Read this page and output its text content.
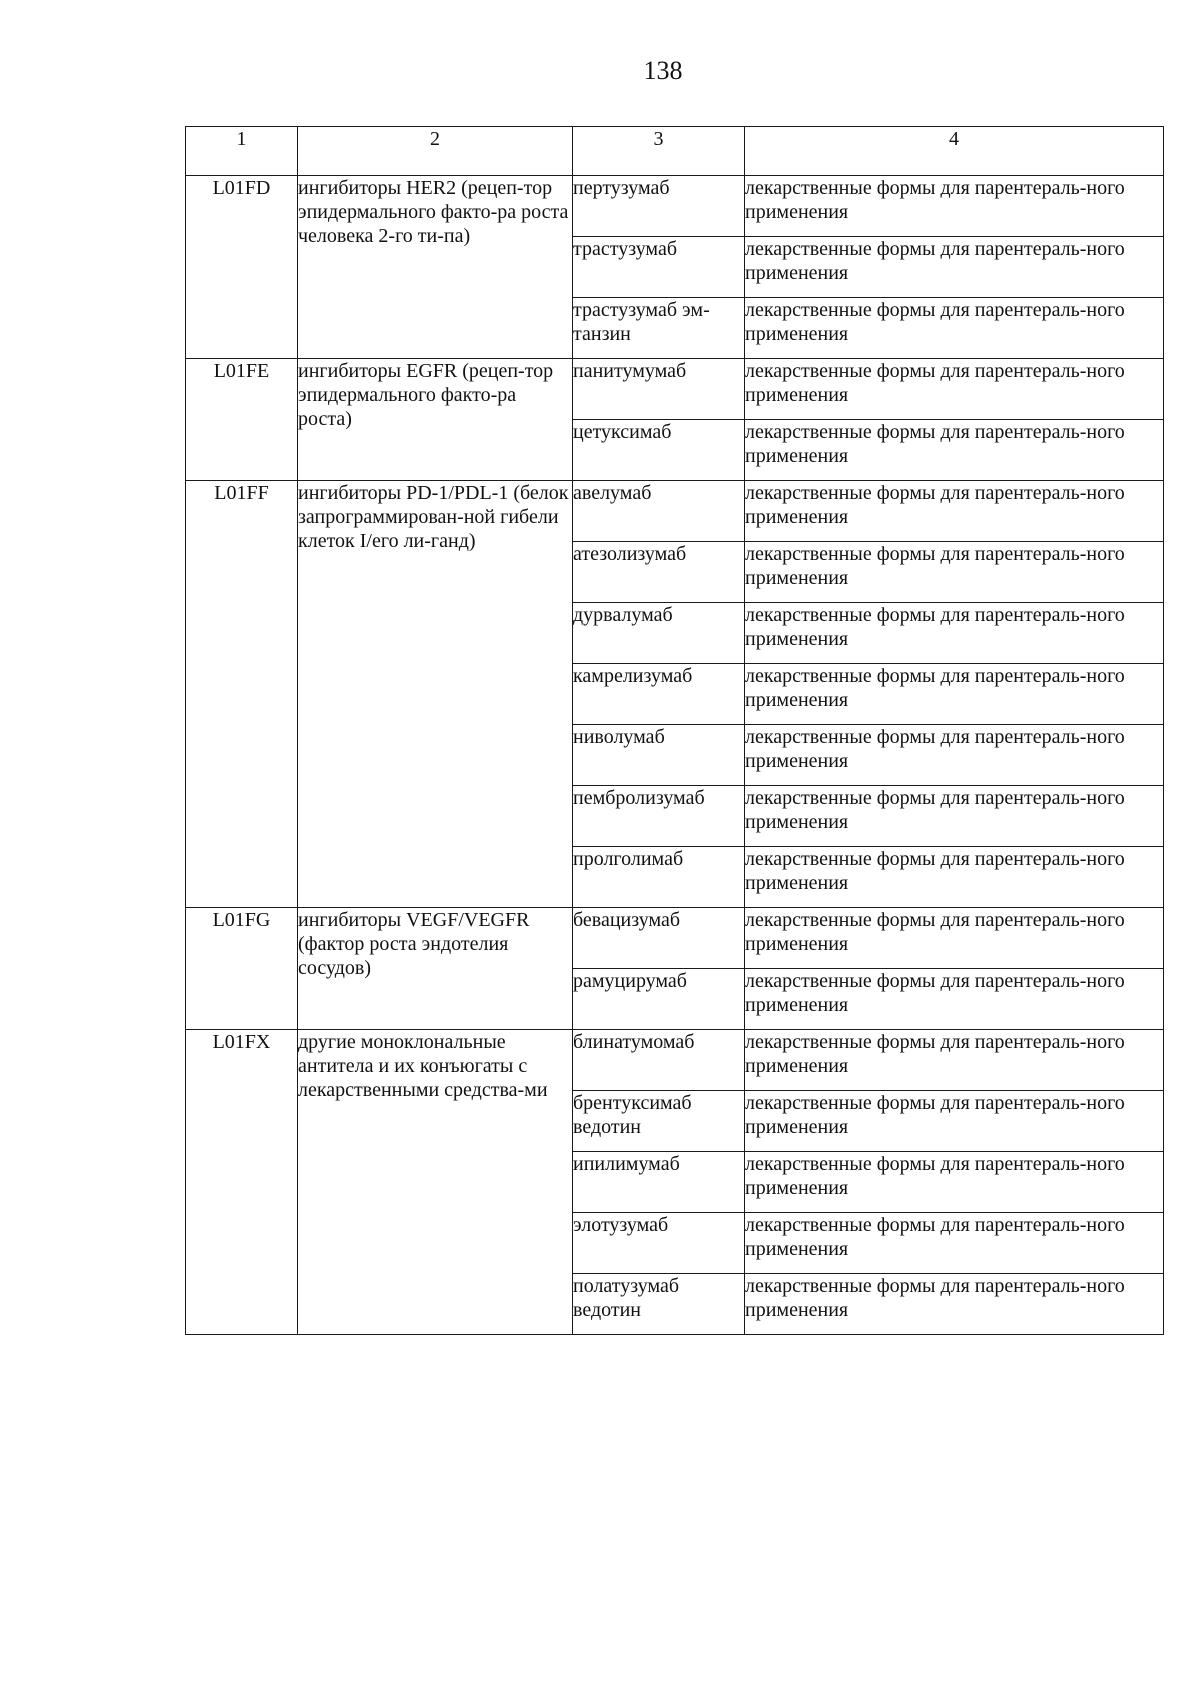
138
1	2	3	4
L01FD	ингибиторы HER2 (рецеп-тор эпидермального факто-ра роста человека 2-го ти-па)	пертузумаб	лекарственные формы для парентераль-ного применения
		трастузумаб	лекарственные формы для парентераль-ного применения
		трастузумаб эм-танзин	лекарственные формы для парентераль-ного применения
L01FE	ингибиторы EGFR (рецеп-тор эпидермального факто-ра роста)	панитумумаб	лекарственные формы для парентераль-ного применения
		цетуксимаб	лекарственные формы для парентераль-ного применения
L01FF	ингибиторы PD-1/PDL-1 (белок запрограммирован-ной гибели клеток I/его ли-ганд)	авелумаб	лекарственные формы для парентераль-ного применения
		атезолизумаб	лекарственные формы для парентераль-ного применения
		дурвалумаб	лекарственные формы для парентераль-ного применения
		камрелизумаб	лекарственные формы для парентераль-ного применения
		ниволумаб	лекарственные формы для парентераль-ного применения
		пембролизумаб	лекарственные формы для парентераль-ного применения
		пролголимаб	лекарственные формы для парентераль-ного применения
L01FG	ингибиторы VEGF/VEGFR (фактор роста эндотелия сосудов)	бевацизумаб	лекарственные формы для парентераль-ного применения
		рамуцирумаб	лекарственные формы для парентераль-ного применения
L01FX	другие моноклональные антитела и их конъюгаты с лекарственными средства-ми	блинатумомаб	лекарственные формы для парентераль-ного применения
		брентуксимаб ведотин	лекарственные формы для парентераль-ного применения
		ипилимумаб	лекарственные формы для парентераль-ного применения
		элотузумаб	лекарственные формы для парентераль-ного применения
		полатузумаб ведотин	лекарственные формы для парентераль-ного применения
